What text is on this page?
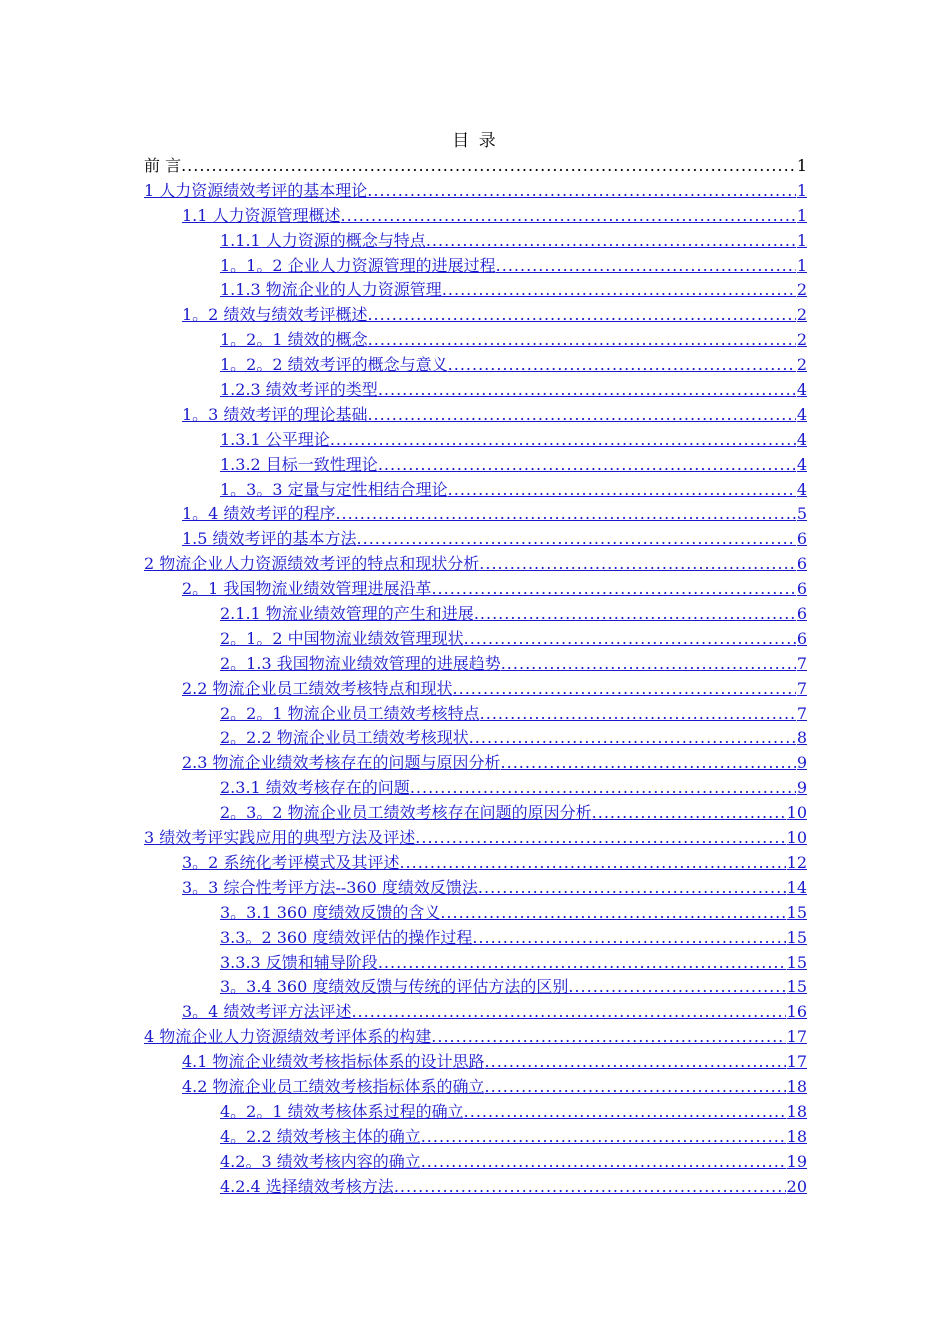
目 录
前 言 .....	1
1 人力资源绩效考评的基本理论 .....	1
1.1 人力资源管理概述 .....	1
1.1.1 人力资源的概念与特点 .....	1
1。1。2 企业人力资源管理的进展过程 .....	1
1.1.3 物流企业的人力资源管理 .....	2
1。2 绩效与绩效考评概述 .....	2
1。2。1 绩效的概念 .....	2
1。2。2 绩效考评的概念与意义 .....	2
1.2.3 绩效考评的类型 .....	4
1。3 绩效考评的理论基础 .....	4
1.3.1 公平理论 .....	4
1.3.2 目标一致性理论 .....	4
1。3。3 定量与定性相结合理论 .....	4
1。4 绩效考评的程序 .....	5
1.5 绩效考评的基本方法 .....	6
2 物流企业人力资源绩效考评的特点和现状分析 .....	6
2。1 我国物流业绩效管理进展沿革 .....	6
2.1.1 物流业绩效管理的产生和进展 .....	6
2。1。2 中国物流业绩效管理现状 .....	6
2。1.3 我国物流业绩效管理的进展趋势 .....	7
2.2 物流企业员工绩效考核特点和现状 .....	7
2。2。1 物流企业员工绩效考核特点 .....	7
2。2.2 物流企业员工绩效考核现状 .....	8
2.3 物流企业绩效考核存在的问题与原因分析 .....	9
2.3.1 绩效考核存在的问题 .....	9
2。3。2 物流企业员工绩效考核存在问题的原因分析 .....	10
3 绩效考评实践应用的典型方法及评述 .....	10
3。2 系统化考评模式及其评述 .....	12
3。3 综合性考评方法--360 度绩效反馈法 .....	14
3。3.1 360 度绩效反馈的含义 .....	15
3.3。2 360 度绩效评估的操作过程 .....	15
3.3.3 反馈和辅导阶段 .....	15
3。3.4 360 度绩效反馈与传统的评估方法的区别 .....	15
3。4 绩效考评方法评述 .....	16
4 物流企业人力资源绩效考评体系的构建 .....	17
4.1 物流企业绩效考核指标体系的设计思路 .....	17
4.2 物流企业员工绩效考核指标体系的确立 .....	18
4。2。1 绩效考核体系过程的确立 .....	18
4。2.2 绩效考核主体的确立 .....	18
4.2。3 绩效考核内容的确立 .....	19
4.2.4 选择绩效考核方法 .....	20
